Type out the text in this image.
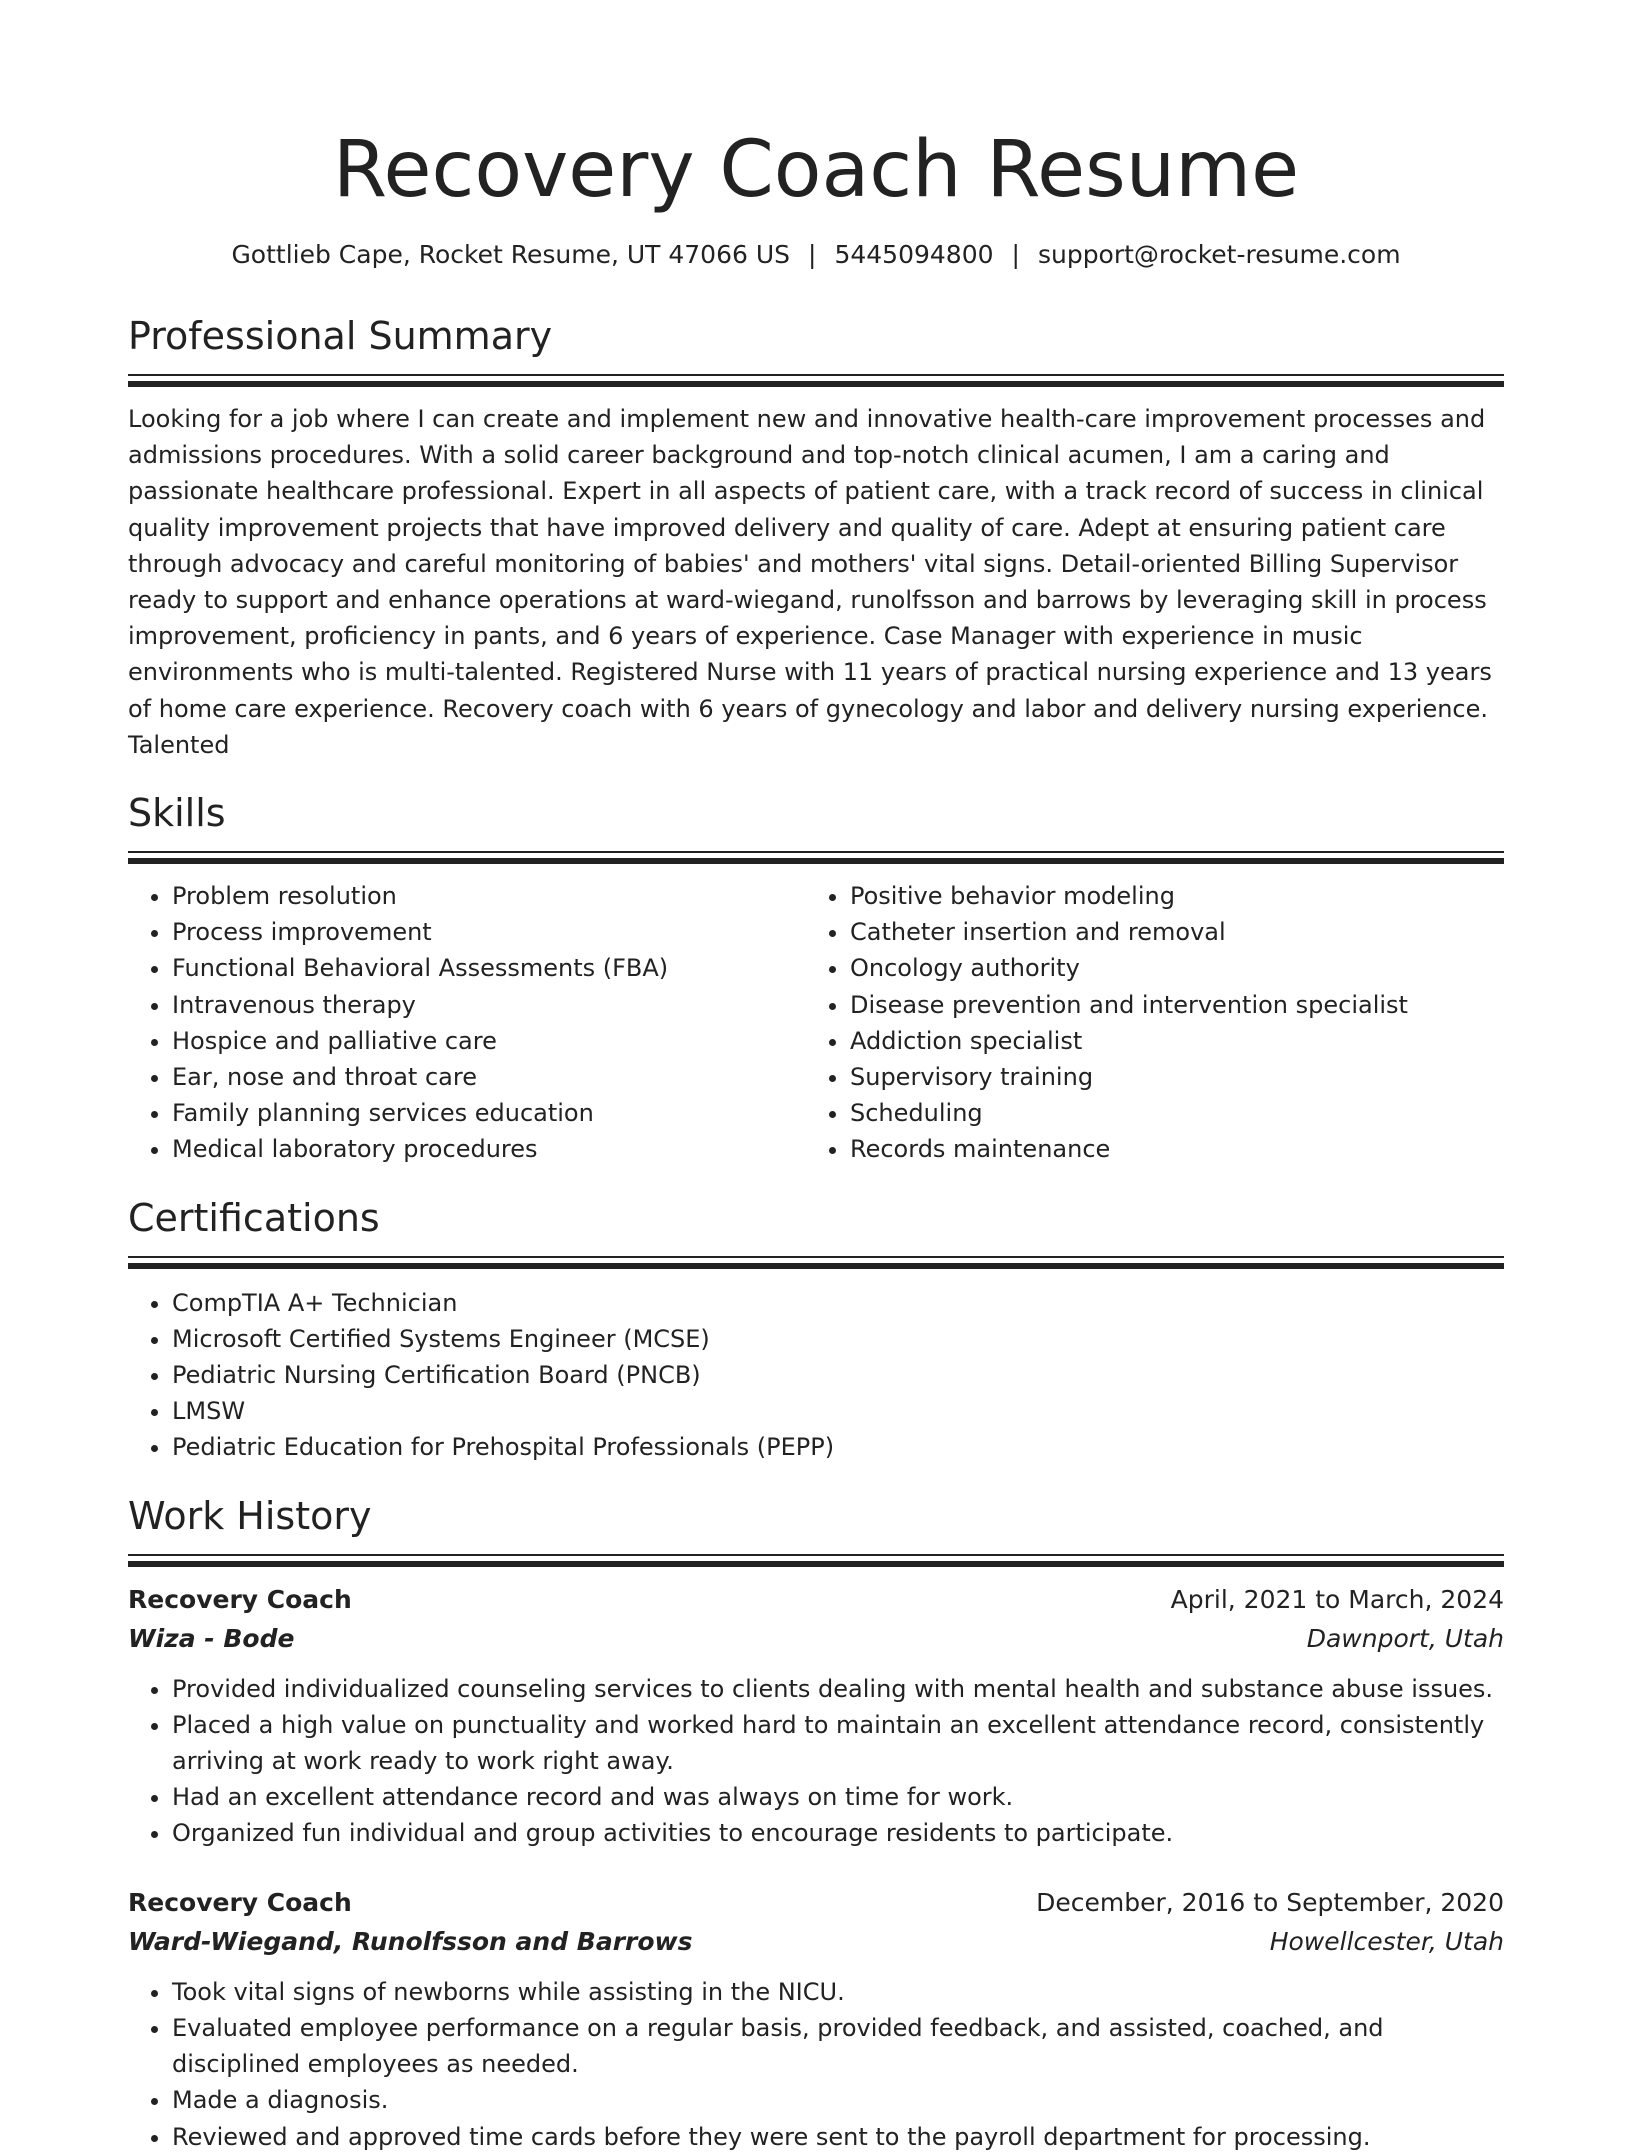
Recovery Coach Resume
Gottlieb Cape, Rocket Resume, UT 47066 US | 5445094800 | support@rocket-resume.com
Professional Summary

Looking for a job where I can create and implement new and innovative health-care improvement processes and admissions procedures. With a solid career background and top-notch clinical acumen, I am a caring and passionate healthcare professional. Expert in all aspects of patient care, with a track record of success in clinical quality improvement projects that have improved delivery and quality of care. Adept at ensuring patient care through advocacy and careful monitoring of babies' and mothers' vital signs. Detail-oriented Billing Supervisor ready to support and enhance operations at ward-wiegand, runolfsson and barrows by leveraging skill in process improvement, proficiency in pants, and 6 years of experience. Case Manager with experience in music environments who is multi-talented. Registered Nurse with 11 years of practical nursing experience and 13 years of home care experience. Recovery coach with 6 years of gynecology and labor and delivery nursing experience. Talented

Skills
• Problem resolution
• Process improvement
• Functional Behavioral Assessments (FBA)
• Intravenous therapy
• Hospice and palliative care
• Ear, nose and throat care
• Family planning services education
• Medical laboratory procedures
• Positive behavior modeling
• Catheter insertion and removal
• Oncology authority
• Disease prevention and intervention specialist
• Addiction specialist
• Supervisory training
• Scheduling
• Records maintenance
Certifications
• CompTIA A+ Technician
• Microsoft Certified Systems Engineer (MCSE)
• Pediatric Nursing Certification Board (PNCB)
• LMSW
• Pediatric Education for Prehospital Professionals (PEPP)
Work History
Recovery Coach	April, 2021 to March, 2024
Wiza - Bode	Dawnport, Utah
• Provided individualized counseling services to clients dealing with mental health and substance abuse issues.
• Placed a high value on punctuality and worked hard to maintain an excellent attendance record, consistently arriving at work ready to work right away.
• Had an excellent attendance record and was always on time for work.
• Organized fun individual and group activities to encourage residents to participate.
Recovery Coach	December, 2016 to September, 2020
Ward-Wiegand, Runolfsson and Barrows	Howellcester, Utah
• Took vital signs of newborns while assisting in the NICU.
• Evaluated employee performance on a regular basis, provided feedback, and assisted, coached, and disciplined employees as needed.
• Made a diagnosis.
• Reviewed and approved time cards before they were sent to the payroll department for processing.
